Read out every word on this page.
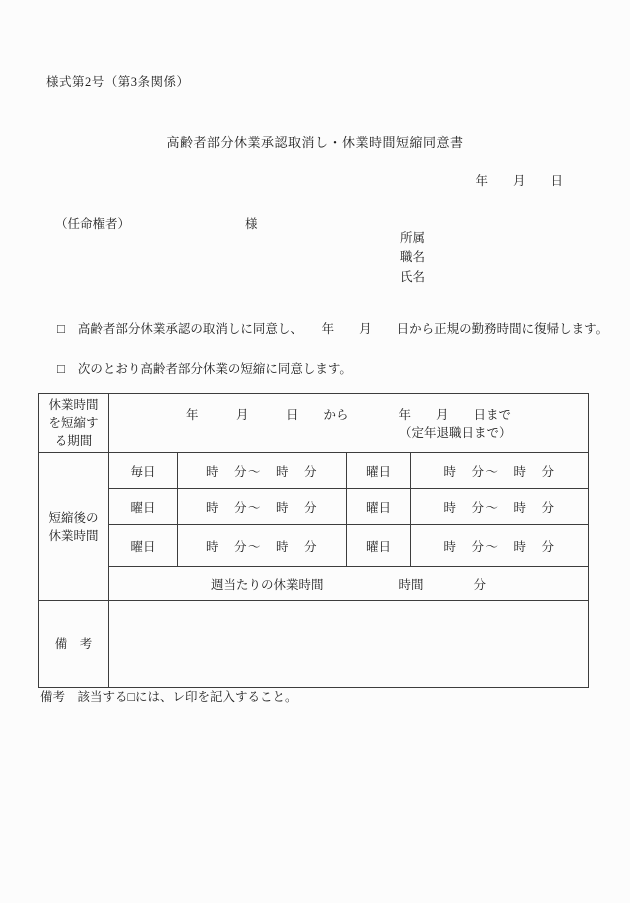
様式第2号（第3条関係）
高齢者部分休業承認取消し・休業時間短縮同意書
年　　月　　日
（任命権者）	様
所属
職名
氏名
□ 高齢者部分休業承認の取消しに同意し、　　年　　月　　日から正規の勤務時間に復帰します。
□ 次のとおり高齢者部分休業の短縮に同意します。
休業時間を短縮する期間	年　　　月　　　日　　から　　　　年　　月　　日まで
（定年退職日まで）			

短縮後の休業時間	毎日	時　分～　時　分	曜日	時　分～　時　分
	曜日	時　分～　時　分	曜日	時　分～　時　分
	曜日	時　分～　時　分	曜日	時　分～　時　分
	週当たりの休業時間　　　　　　時間　　　　分			
備　考				
備考　該当する□には、レ印を記入すること。
